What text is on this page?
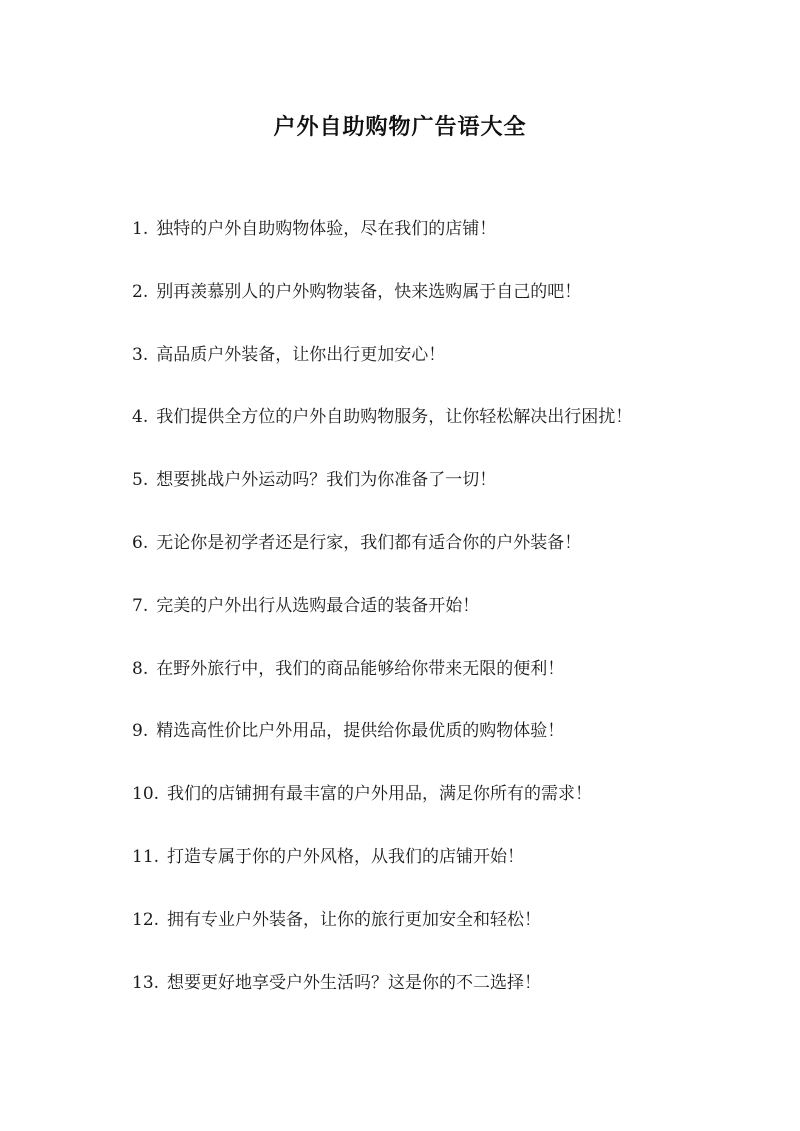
户外自助购物广告语大全
1. 独特的户外自助购物体验，尽在我们的店铺！
2. 别再羡慕别人的户外购物装备，快来选购属于自己的吧！
3. 高品质户外装备，让你出行更加安心！
4. 我们提供全方位的户外自助购物服务，让你轻松解决出行困扰！
5. 想要挑战户外运动吗？我们为你准备了一切！
6. 无论你是初学者还是行家，我们都有适合你的户外装备！
7. 完美的户外出行从选购最合适的装备开始！
8. 在野外旅行中，我们的商品能够给你带来无限的便利！
9. 精选高性价比户外用品，提供给你最优质的购物体验！
10. 我们的店铺拥有最丰富的户外用品，满足你所有的需求！
11. 打造专属于你的户外风格，从我们的店铺开始！
12. 拥有专业户外装备，让你的旅行更加安全和轻松！
13. 想要更好地享受户外生活吗？这是你的不二选择！
